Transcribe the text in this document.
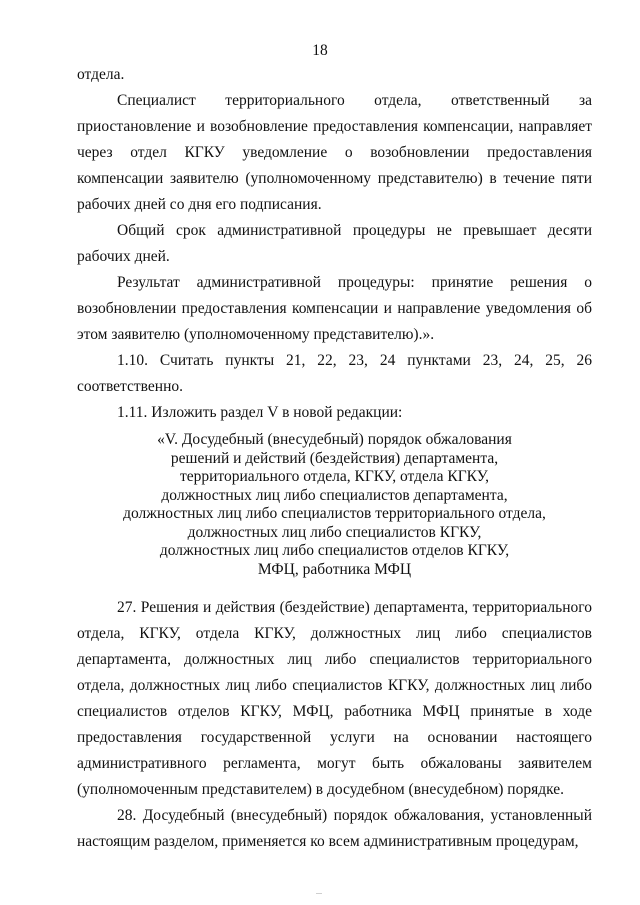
18

отдела.

Специалист территориального отдела, ответственный за приостановление и возобновление предоставления компенсации, направляет через отдел КГКУ уведомление о возобновлении предоставления компенсации заявителю (уполномоченному представителю) в течение пяти рабочих дней со дня его подписания.

Общий срок административной процедуры не превышает десяти рабочих дней.

Результат административной процедуры: принятие решения о возобновлении предоставления компенсации и направление уведомления об этом заявителю (уполномоченному представителю).».

1.10. Считать пункты 21, 22, 23, 24 пунктами 23, 24, 25, 26 соответственно.

1.11. Изложить раздел V в новой редакции:

«V. Досудебный (внесудебный) порядок обжалования
решений и действий (бездействия) департамента,
территориального отдела, КГКУ, отдела КГКУ,
должностных лиц либо специалистов департамента,
должностных лиц либо специалистов территориального отдела,
должностных лиц либо специалистов КГКУ,
должностных лиц либо специалистов отделов КГКУ,
МФЦ, работника МФЦ

27. Решения и действия (бездействие) департамента, территориального отдела, КГКУ, отдела КГКУ, должностных лиц либо специалистов департамента, должностных лиц либо специалистов территориального отдела, должностных лиц либо специалистов КГКУ, должностных лиц либо специалистов отделов КГКУ, МФЦ, работника МФЦ принятые в ходе предоставления государственной услуги на основании настоящего административного регламента, могут быть обжалованы заявителем (уполномоченным представителем) в досудебном (внесудебном) порядке.

28. Досудебный (внесудебный) порядок обжалования, установленный настоящим разделом, применяется ко всем административным процедурам,
